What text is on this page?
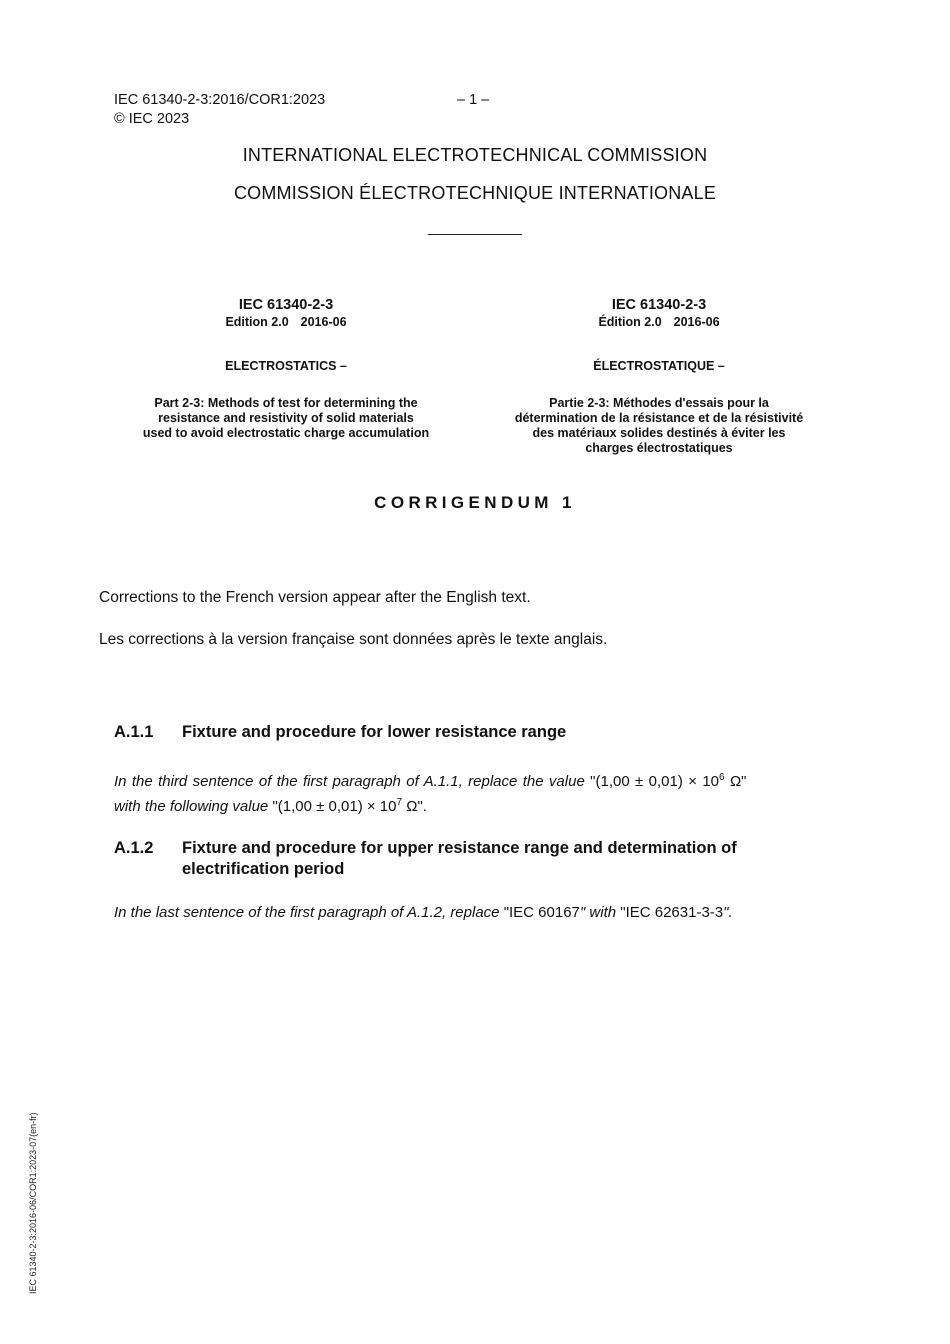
IEC 61340-2-3:2016/COR1:2023	– 1 –
© IEC 2023
INTERNATIONAL ELECTROTECHNICAL COMMISSION
COMMISSION ÉLECTROTECHNIQUE INTERNATIONALE
___________
IEC 61340-2-3
Edition 2.0 2016-06
ELECTROSTATICS –
Part 2-3: Methods of test for determining the
resistance and resistivity of solid materials
used to avoid electrostatic charge accumulation
IEC 61340-2-3
Édition 2.0 2016-06
ÉLECTROSTATIQUE –
Partie 2-3: Méthodes d'essais pour la
détermination de la résistance et de la résistivité
des matériaux solides destinés à éviter les
charges électrostatiques
CORRIGENDUM 1
Corrections to the French version appear after the English text.
Les corrections à la version française sont données après le texte anglais.
A.1.1 Fixture and procedure for lower resistance range
In the third sentence of the first paragraph of A.1.1, replace the value "$(1,00 \pm 0,01) \times 10^6$ Ω"
with the following value "$(1,00 \pm 0,01) \times 10^7$ Ω".
A.1.2 Fixture and procedure for upper resistance range and determination of
electrification period
In the last sentence of the first paragraph of A.1.2, replace "IEC 60167" with "IEC 62631-3-3".
IEC 61340-2-3:2016-06/COR1:2023-07(en-fr)
